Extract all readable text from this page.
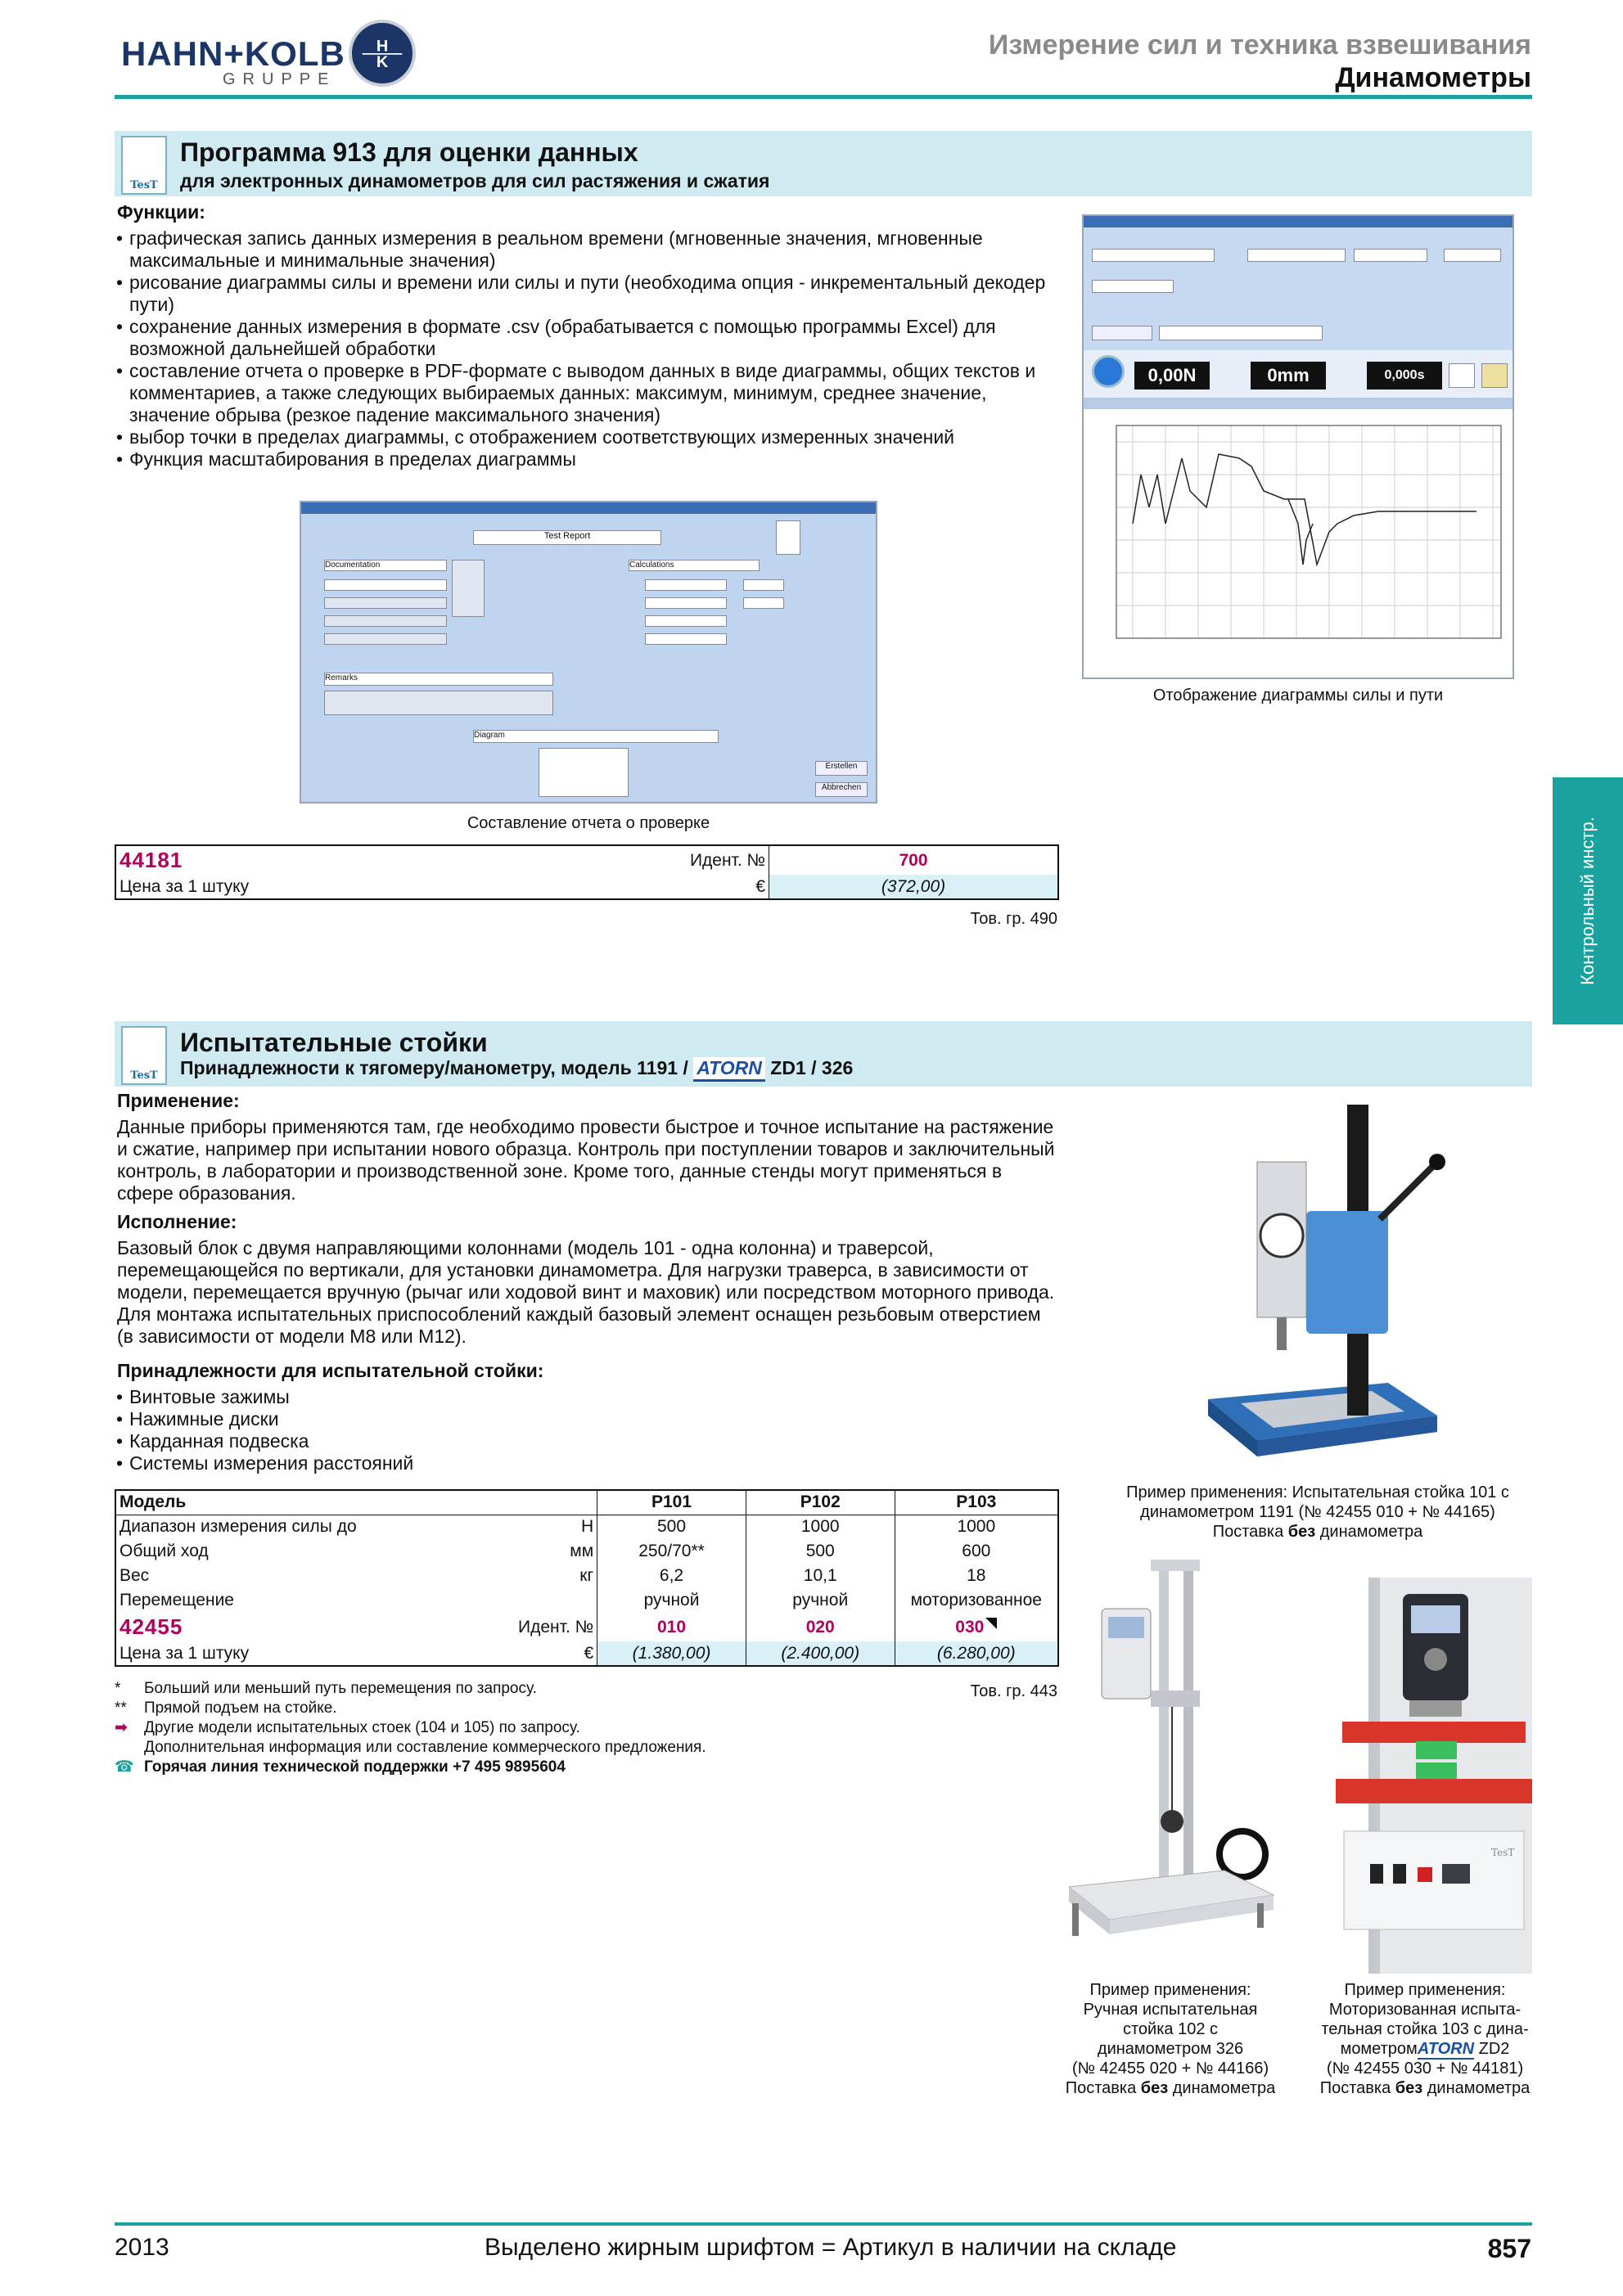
HAHN+KOLB
GRUPPE
H
K
Измерение сил и техника взвешивания
Динамометры
Контрольный инстр.
TesT
Программа 913 для оценки данных
для электронных динамометров для сил растяжения и сжатия
Функции:
• графическая запись данных измерения в реальном времени (мгновенные значения, мгновенные максимальные и минимальные значения)
• рисование диаграммы силы и времени или силы и пути (необходима опция - инкрементальный декодер пути)
• сохранение данных измерения в формате .csv (обрабатывается с помощью программы Excel) для возможной дальнейшей обработки
• составление отчета о проверке в PDF-формате с выводом данных в виде диаграммы, общих текстов и комментариев, а также следующих выбираемых данных: максимум, минимум, среднее значение, значение обрыва (резкое падение максимального значения)
• выбор точки в пределах диаграммы, с отображением соответствующих измеренных значений
• Функция масштабирования в пределах диаграммы
0,00N	0mm	0,000s
Отображение диаграммы силы и пути
Test Report
Documentation	Calculations
Remarks
Diagram
Erstellen
Abbrechen
Составление отчета о проверке
44181	Идент. №	700
Цена за 1 штуку	€	(372,00)
Тов. гр. 490
TesT
Испытательные стойки
Принадлежности к тягомеру/манометру, модель 1191 / ATORN ZD1 / 326
Применение:
Данные приборы применяются там, где необходимо провести быстрое и точное испытание на растяжение и сжатие, например при испытании нового образца. Контроль при поступлении товаров и заключительный контроль, в лаборатории и производственной зоне. Кроме того, данные стенды могут применяться в сфере образования.
Исполнение:
Базовый блок с двумя направляющими колоннами (модель 101 - одна колонна) и траверсой, перемещающейся по вертикали, для установки динамометра. Для нагрузки траверса, в зависимости от модели, перемещается вручную (рычаг или ходовой винт и маховик) или посредством моторного привода. Для монтажа испытательных приспособлений каждый базовый элемент оснащен резьбовым отверстием (в зависимости от модели M8 или M12).
Принадлежности для испытательной стойки:
• Винтовые зажимы
• Нажимные диски
• Карданная подвеска
• Системы измерения расстояний
Модель		P101	P102	P103
Диапазон измерения силы до	Н	500	1000	1000
Общий ход	мм	250/70**	500	600
Вес	кг	6,2	10,1	18
Перемещение		ручной	ручной	моторизованное
42455	Идент. №	010	020	030
Цена за 1 штуку	€	(1.380,00)	(2.400,00)	(6.280,00)
* Больший или меньший путь перемещения по запросу.
** Прямой подъем на стойке.
➡ Другие модели испытательных стоек (104 и 105) по запросу.
Дополнительная информация или составление коммерческого предложения.
☎ Горячая линия технической поддержки +7 495 9895604
Тов. гр. 443
Пример применения: Испытательная стойка 101 с
динамометром 1191 (№ 42455 010 + № 44165)
Поставка без динамометра
Пример применения:
Ручная испытательная
стойка 102 с
динамометром 326
(№ 42455 020 + № 44166)
Поставка без динамометра
TesT
Пример применения:
Моторизованная испыта-
тельная стойка 103 с дина-
мометромATORN ZD2
(№ 42455 030 + № 44181)
Поставка без динамометра
2013	Выделено жирным шрифтом = Артикул в наличии на складе	857
